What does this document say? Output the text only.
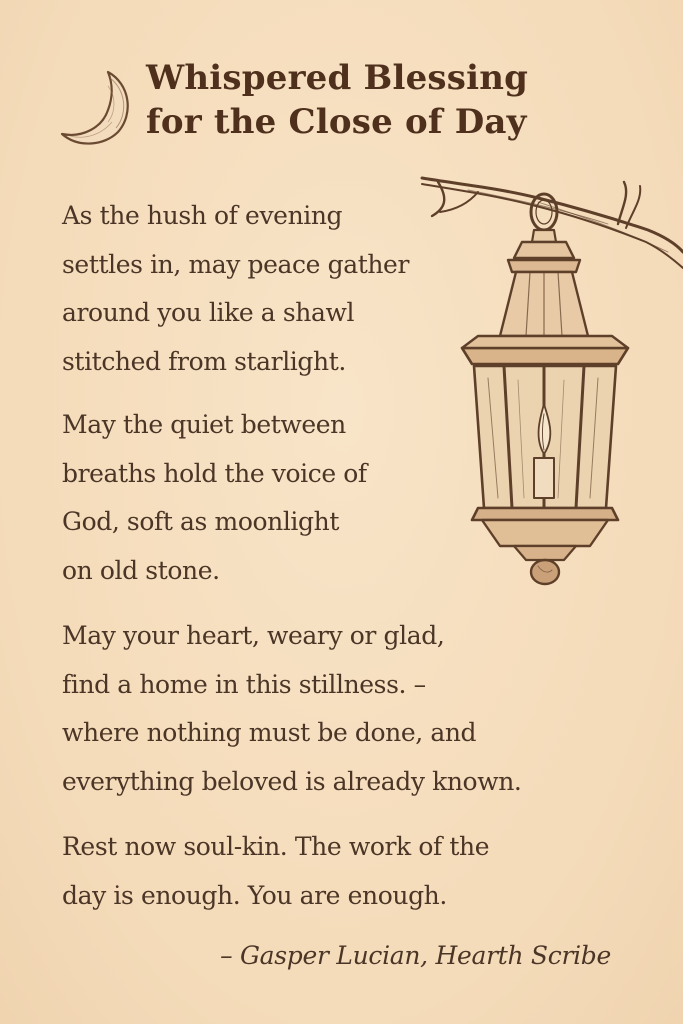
Whispered Blessing
for the Close of Day

As the hush of evening
settles in, may peace gather
around you like a shawl
stitched from starlight.

May the quiet between
breaths hold the voice of
God, soft as moonlight
on old stone.

May your heart, weary or glad,
find a home in this stillness. –
where nothing must be done, and
everything beloved is already known.

Rest now soul-kin. The work of the
day is enough. You are enough.

– Gasper Lucian, Hearth Scribe
